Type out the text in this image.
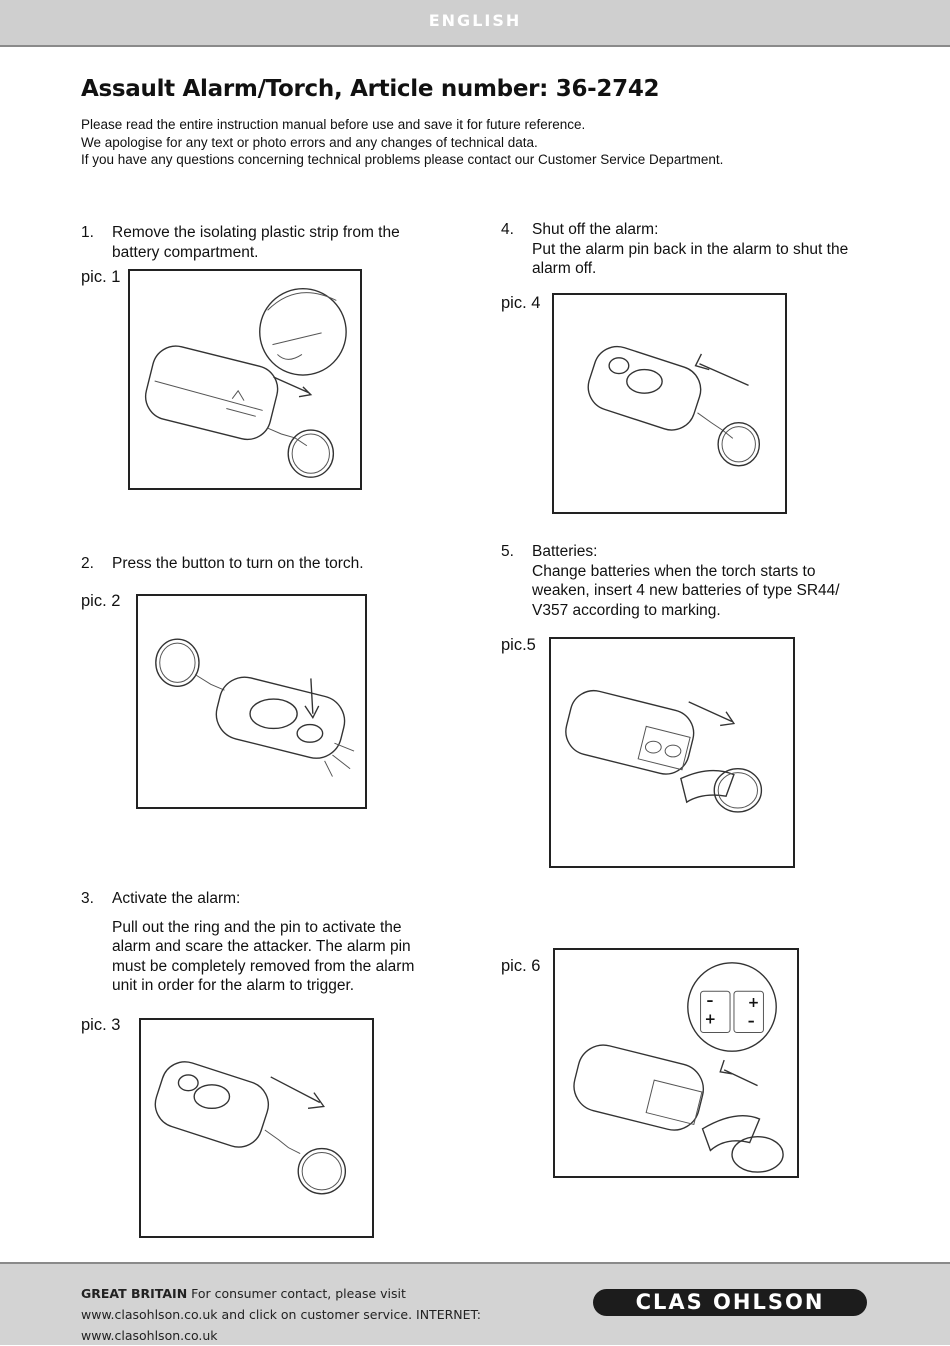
ENGLISH
Assault Alarm/Torch, Article number: 36-2742
Please read the entire instruction manual before use and save it for future reference.
We apologise for any text or photo errors and any changes of technical data.
If you have any questions concerning technical problems please contact our Customer Service Department.
1. Remove the isolating plastic strip from the battery compartment.
pic. 1
2. Press the button to turn on the torch.
pic. 2
3. Activate the alarm:
Pull out the ring and the pin to activate the alarm and scare the attacker. The alarm pin must be completely removed from the alarm unit in order for the alarm to trigger.
pic. 3
4. Shut off the alarm:
Put the alarm pin back in the alarm to shut the alarm off.
pic. 4
5. Batteries:
Change batteries when the torch starts to weaken, insert 4 new batteries of type SR44/ V357 according to marking.
pic.5
pic. 6
– +
+ –
GREAT BRITAIN For consumer contact, please visit www.clasohlson.co.uk and click on customer service. INTERNET: www.clasohlson.co.uk
CLAS OHLSON
